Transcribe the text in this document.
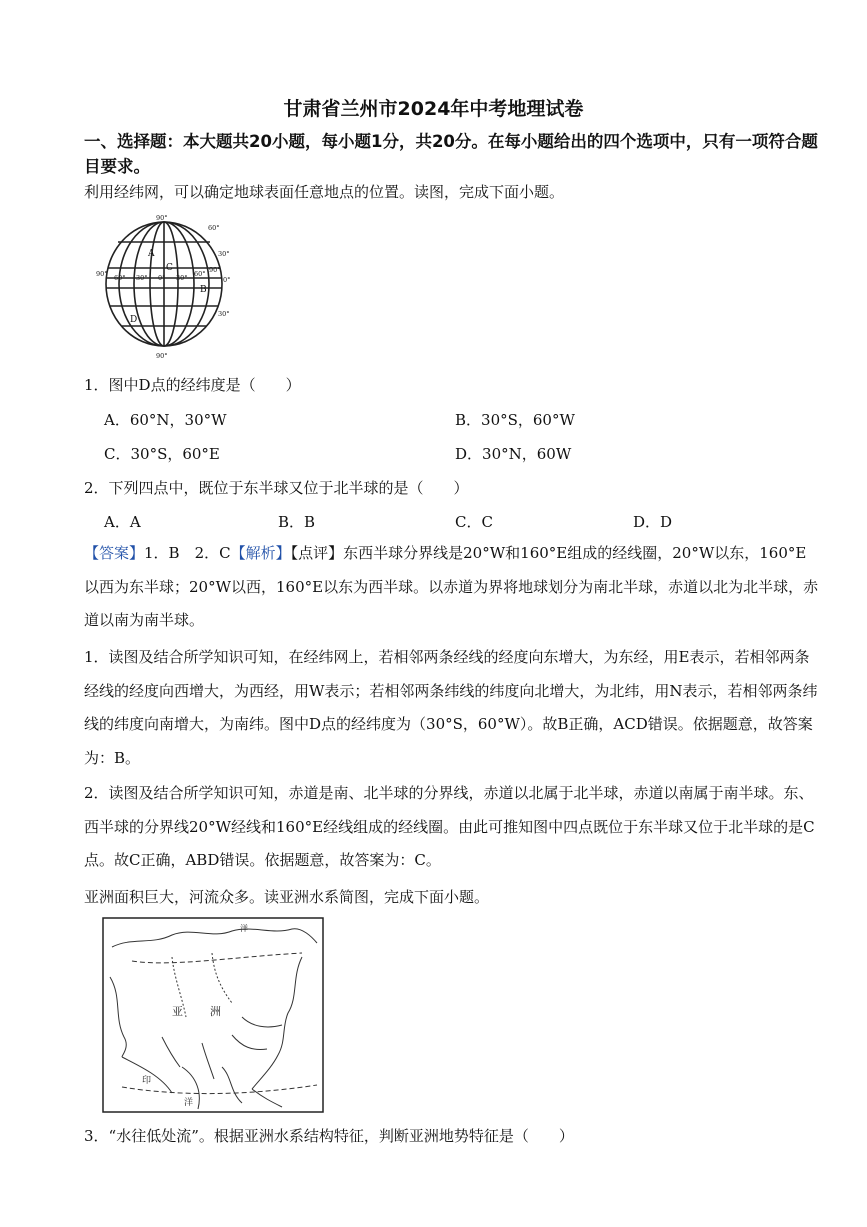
甘肃省兰州市2024年中考地理试卷
一、选择题：本大题共20小题，每小题1分，共20分。在每小题给出的四个选项中，只有一项符合题目要求。
利用经纬网，可以确定地球表面任意地点的位置。读图，完成下面小题。
A
C
B
D
90°
60°
30°
0°
30°
90°
90° 60° 30° 0° 30° 60° 90°
1．图中D点的经纬度是（　　）
A．60°N，30°W	B．30°S，60°W
C．30°S，60°E	D．30°N，60W
2．下列四点中，既位于东半球又位于北半球的是（　　）
A．A	B．B	C．C	D．D
【答案】1．B　2．C【解析】【点评】东西半球分界线是20°W和160°E组成的经线圈，20°W以东，160°E以西为东半球；20°W以西，160°E以东为西半球。以赤道为界将地球划分为南北半球，赤道以北为北半球，赤道以南为南半球。
1．读图及结合所学知识可知，在经纬网上，若相邻两条经线的经度向东增大，为东经，用E表示，若相邻两条经线的经度向西增大，为西经，用W表示；若相邻两条纬线的纬度向北增大，为北纬，用N表示，若相邻两条纬线的纬度向南增大，为南纬。图中D点的经纬度为（30°S，60°W）。故B正确，ACD错误。依据题意，故答案为：B。
2．读图及结合所学知识可知，赤道是南、北半球的分界线，赤道以北属于北半球，赤道以南属于南半球。东、西半球的分界线20°W经线和160°E经线组成的经线圈。由此可推知图中四点既位于东半球又位于北半球的是C点。故C正确，ABD错误。依据题意，故答案为：C。
亚洲面积巨大，河流众多。读亚洲水系简图，完成下面小题。
亚 洲
洋
印
洋
3．“水往低处流”。根据亚洲水系结构特征，判断亚洲地势特征是（　　）
